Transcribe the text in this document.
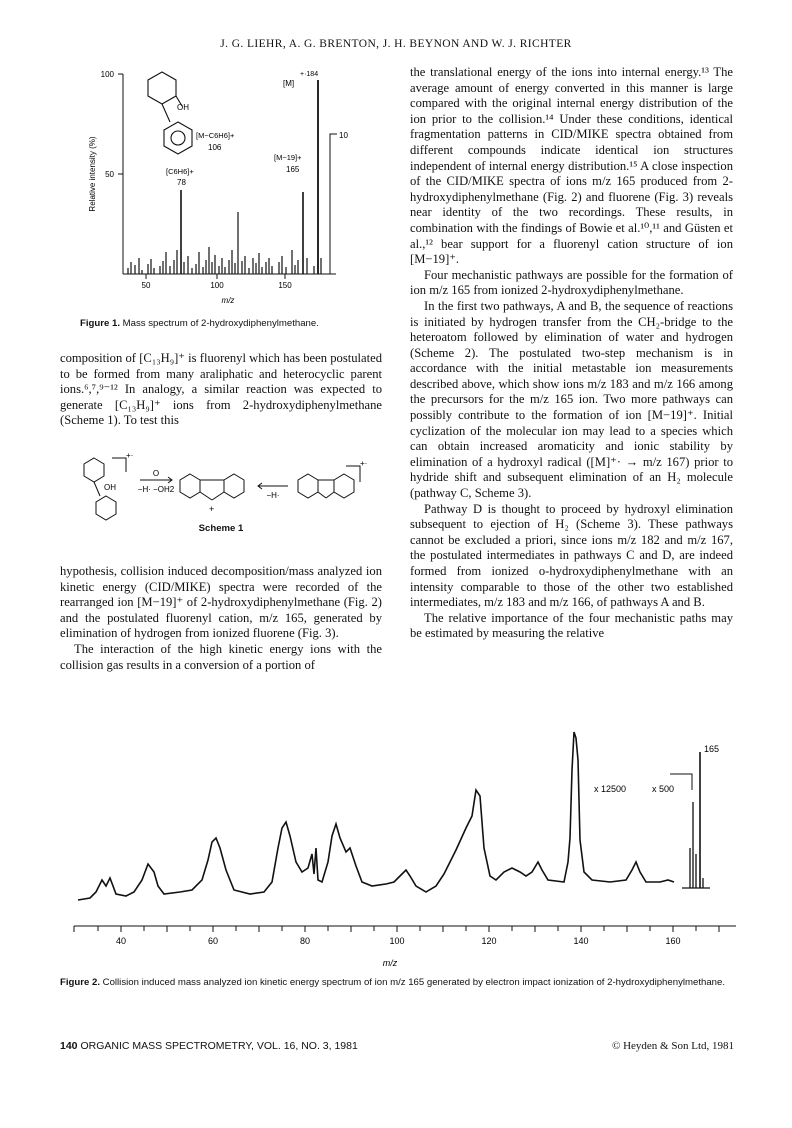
J. G. LIEHR, A. G. BRENTON, J. H. BEYNON AND W. J. RICHTER
100
50
Relative intensity (%)
50	100	150
m/z
10
OH
[M]
+·184
[M−C6H6]+
106
[C6H6]+
78
[M−19]+
165
Figure 1. Mass spectrum of 2-hydroxydiphenylmethane.

composition of [C₁₃H₉]⁺ is fluorenyl which has been postulated to be formed from many araliphatic and heterocyclic parent ions.⁶,⁷,⁹⁻¹² In analogy, a similar reaction was expected to generate [C₁₃H₉]⁺ ions from 2-hydroxydiphenylmethane (Scheme 1). To test this

+·
+·
OH
O
−H· −OH2
−H·
+
Scheme 1

hypothesis, collision induced decomposition/mass analyzed ion kinetic energy (CID/MIKE) spectra were recorded of the rearranged ion [M−19]⁺ of 2-hydroxydiphenylmethane (Fig. 2) and the postulated fluorenyl cation, m/z 165, generated by elimination of hydrogen from ionized fluorene (Fig. 3).

The interaction of the high kinetic energy ions with the collision gas results in a conversion of a portion of

the translational energy of the ions into internal energy.¹³ The average amount of energy converted in this manner is large compared with the original internal energy distribution of the ion prior to the collision.¹⁴ Under these conditions, identical fragmentation patterns in CID/MIKE spectra obtained from different compounds indicate identical ion structures independent of internal energy distribution.¹⁵ A close inspection of the CID/MIKE spectra of ions m/z 165 produced from 2-hydroxydiphenylmethane (Fig. 2) and fluorene (Fig. 3) reveals near identity of the two recordings. These results, in combination with the findings of Bowie et al.¹⁰,¹¹ and Güsten et al.,¹² bear support for a fluorenyl cation structure of ion [M−19]⁺.

Four mechanistic pathways are possible for the formation of ion m/z 165 from ionized 2-hydroxydiphenylmethane.

In the first two pathways, A and B, the sequence of reactions is initiated by hydrogen transfer from the CH₂-bridge to the heteroatom followed by elimination of water and hydrogen (Scheme 2). The postulated two-step mechanism is in accordance with the initial metastable ion measurements described above, which show ions m/z 183 and m/z 166 among the precursors for the m/z 165 ion. Two more pathways can possibly contribute to the formation of ion [M−19]⁺. Initial cyclization of the molecular ion may lead to a species which can obtain increased aromaticity and ionic stability by elimination of a hydroxyl radical ([M]⁺· → m/z 167) prior to hydride shift and subsequent elimination of an H₂ molecule (pathway C, Scheme 3).

Pathway D is thought to proceed by hydroxyl elimination subsequent to ejection of H₂ (Scheme 3). These pathways cannot be excluded a priori, since ions m/z 182 and m/z 167, the postulated intermediates in pathways C and D, are indeed formed from ionized o-hydroxydiphenylmethane with an intensity comparable to those of the other two established intermediates, m/z 183 and m/z 166, of pathways A and B.

The relative importance of the four mechanistic paths may be estimated by measuring the relative

x 12500	x 500
165
40	60	80	100	120	140	160
m/z
Figure 2. Collision induced mass analyzed ion kinetic energy spectrum of ion m/z 165 generated by electron impact ionization of 2-hydroxydiphenylmethane.
140 ORGANIC MASS SPECTROMETRY, VOL. 16, NO. 3, 1981	© Heyden & Son Ltd, 1981
